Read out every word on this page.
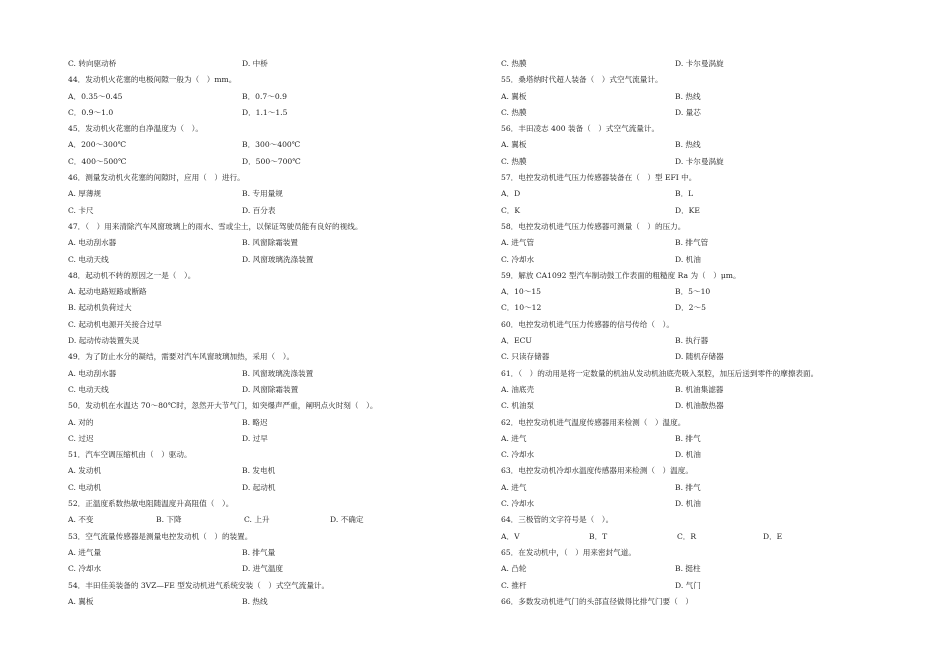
C. 转向驱动桥	D. 中桥
44．发动机火花塞的电极间隙一般为（　）mm。
A．0.35～0.45	B．0.7～0.9
C．0.9～1.0	D．1.1～1.5
45．发动机火花塞的自净温度为（　）。
A．200～300℃	B．300～400℃
C．400～500℃	D．500～700℃
46．测量发动机火花塞的间隙时，应用（　）进行。
A. 厚薄规	B. 专用量规
C. 卡尺	D. 百分表
47．（　）用来清除汽车风窗玻璃上的雨水、雪或尘土，以保证驾驶员能有良好的视线。
A. 电动刮水器	B. 风窗除霜装置
C. 电动天线	D. 风窗玻璃洗涤装置
48．起动机不转的原因之一是（　）。
A. 起动电路短路或断路
B. 起动机负荷过大
C. 起动机电源开关接合过早
D. 起动传动装置失灵
49．为了防止水分的凝结，需要对汽车风窗玻璃加热，采用（　）。
A. 电动刮水器	B. 风窗玻璃洗涤装置
C. 电动天线	D. 风窗除霜装置
50．发动机在水温达 70～80℃时，忽然开大节气门，如突爆声严重，阐明点火时刻（　）。
A. 对的	B. 略迟
C. 过迟	D. 过早
51．汽车空调压缩机由（　）驱动。
A. 发动机	B. 发电机
C. 电动机	D. 起动机
52．正温度系数热敏电阻随温度升高阻值（　）。
A. 不变	B. 下降	C. 上升	D. 不确定
53．空气流量传感器是测量电控发动机（　）的装置。
A. 进气量	B. 排气量
C. 冷却水	D. 进气温度
54．丰田佳美装备的 3VZ—FE 型发动机进气系统安装（　）式空气流量计。
A. 翼板	B. 热线
C. 热膜	D. 卡尔曼涡旋
55．桑塔纳时代超人装备（　）式空气流量计。
A. 翼板	B. 热线
C. 热膜	D. 量芯
56．丰田凌志 400 装备（　）式空气流量计。
A. 翼板	B. 热线
C. 热膜	D. 卡尔曼涡旋
57．电控发动机进气压力传感器装备在（　）型 EFI 中。
A．D	B．L
C．K	D．KE
58．电控发动机进气压力传感器可测量（　）的压力。
A. 进气管	B. 排气管
C. 冷却水	D. 机油
59．解放 CA1092 型汽车制动鼓工作表面的粗糙度 Ra 为（　）μm。
A．10～15	B．5～10
C．10～12	D．2～5
60．电控发动机进气压力传感器的信号传给（　）。
A．ECU	B. 执行器
C. 只读存储器	D. 随机存储器
61．（　）的动用是将一定数量的机油从发动机油底壳吸入泵腔，加压后送到零件的摩擦表面。
A. 油底壳	B. 机油集滤器
C. 机油泵	D. 机油散热器
62．电控发动机进气温度传感器用来检测（　）温度。
A. 进气	B. 排气
C. 冷却水	D. 机油
63．电控发动机冷却水温度传感器用来检测（　）温度。
A. 进气	B. 排气
C. 冷却水	D. 机油
64．三极管的文字符号是（　）。
A．V	B．T	C．R	D．E
65．在发动机中，（　）用来密封气道。
A. 凸轮	B. 挺柱
C. 推杆	D. 气门
66．多数发动机进气门的头部直径做得比排气门要（　）
